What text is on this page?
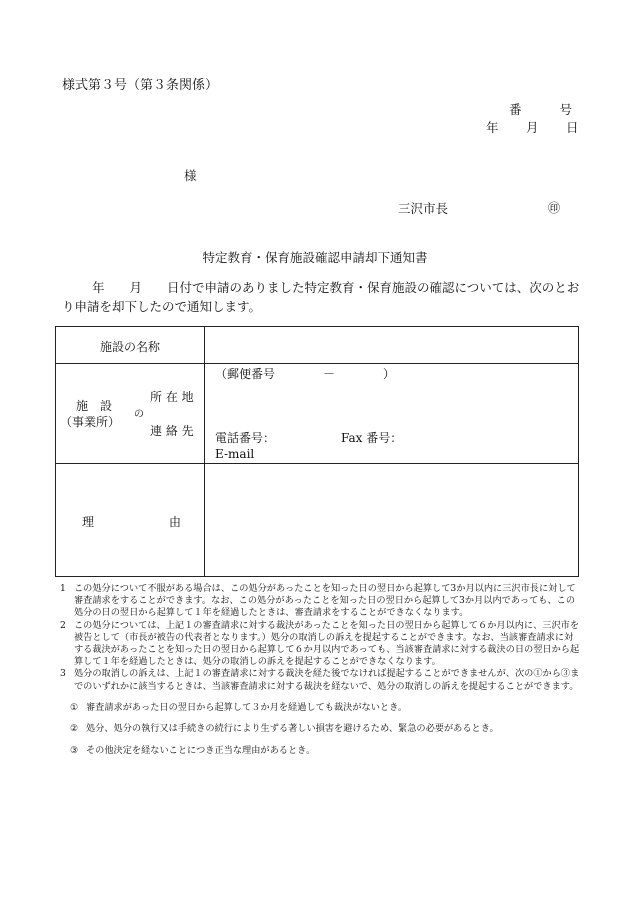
様式第３号（第３条関係）
番	号
年 月 日
様
三沢市長	㊞
特定教育・保育施設確認申請却下通知書
年　　月　　日付で申請のありました特定教育・保育施設の確認については、次のとおり申請を却下したので通知します。
施設の名称	

施　設
（事業所）
の
所 在 地
連 絡 先	（郵便番号　　　　－　　　　）
電話番号： Fax 番号：
E-mail

理 由	

1 この処分について不服がある場合は、この処分があったことを知った日の翌日から起算して3か月以内に三沢市長に対して審査請求をすることができます。なお、この処分があったことを知った日の翌日から起算して3か月以内であっても、この処分の日の翌日から起算して１年を経過したときは、審査請求をすることができなくなります。

2 この処分については、上記１の審査請求に対する裁決があったことを知った日の翌日から起算して６か月以内に、三沢市を被告として（市長が被告の代表者となります。）処分の取消しの訴えを提起することができます。なお、当該審査請求に対する裁決があったことを知った日の翌日から起算して６か月以内であっても、当該審査請求に対する裁決の日の翌日から起算して１年を経過したときは、処分の取消しの訴えを提起することができなくなります。

3 処分の取消しの訴えは、上記１の審査請求に対する裁決を経た後でなければ提起することができませんが、次の①から③までのいずれかに該当するときは、当該審査請求に対する裁決を経ないで、処分の取消しの訴えを提起することができます。

① 審査請求があった日の翌日から起算して３か月を経過しても裁決がないとき。

② 処分、処分の執行又は手続きの続行により生ずる著しい損害を避けるため、緊急の必要があるとき。

③ その他決定を経ないことにつき正当な理由があるとき。
